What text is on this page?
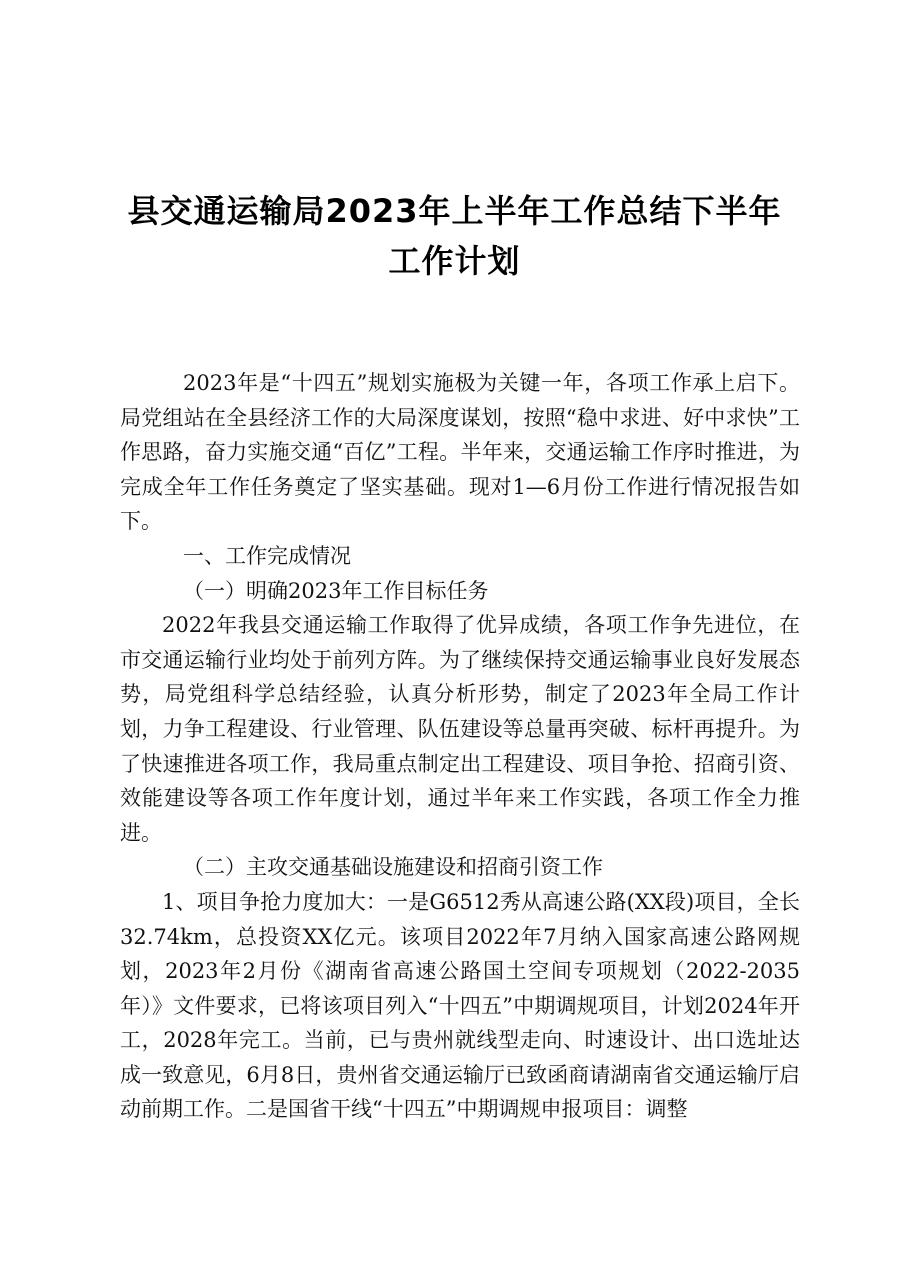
县交通运输局2023年上半年工作总结下半年
工作计划

2023年是“十四五”规划实施极为关键一年，各项工作承上启下。局党组站在全县经济工作的大局深度谋划，按照“稳中求进、好中求快”工作思路，奋力实施交通“百亿”工程。半年来，交通运输工作序时推进，为完成全年工作任务奠定了坚实基础。现对1—6月份工作进行情况报告如下。

一、工作完成情况

（一）明确2023年工作目标任务

2022年我县交通运输工作取得了优异成绩，各项工作争先进位，在市交通运输行业均处于前列方阵。为了继续保持交通运输事业良好发展态势，局党组科学总结经验，认真分析形势，制定了2023年全局工作计划，力争工程建设、行业管理、队伍建设等总量再突破、标杆再提升。为了快速推进各项工作，我局重点制定出工程建设、项目争抢、招商引资、效能建设等各项工作年度计划，通过半年来工作实践，各项工作全力推进。

（二）主攻交通基础设施建设和招商引资工作

1、项目争抢力度加大：一是G6512秀从高速公路(XX段)项目，全长32.74km，总投资XX亿元。该项目2022年7月纳入国家高速公路网规划，2023年2月份《湖南省高速公路国土空间专项规划（2022-2035年）》文件要求，已将该项目列入“十四五”中期调规项目，计划2024年开工，2028年完工。当前，已与贵州就线型走向、时速设计、出口选址达成一致意见，6月8日，贵州省交通运输厅已致函商请湖南省交通运输厅启动前期工作。二是国省干线“十四五”中期调规申报项目：调整
